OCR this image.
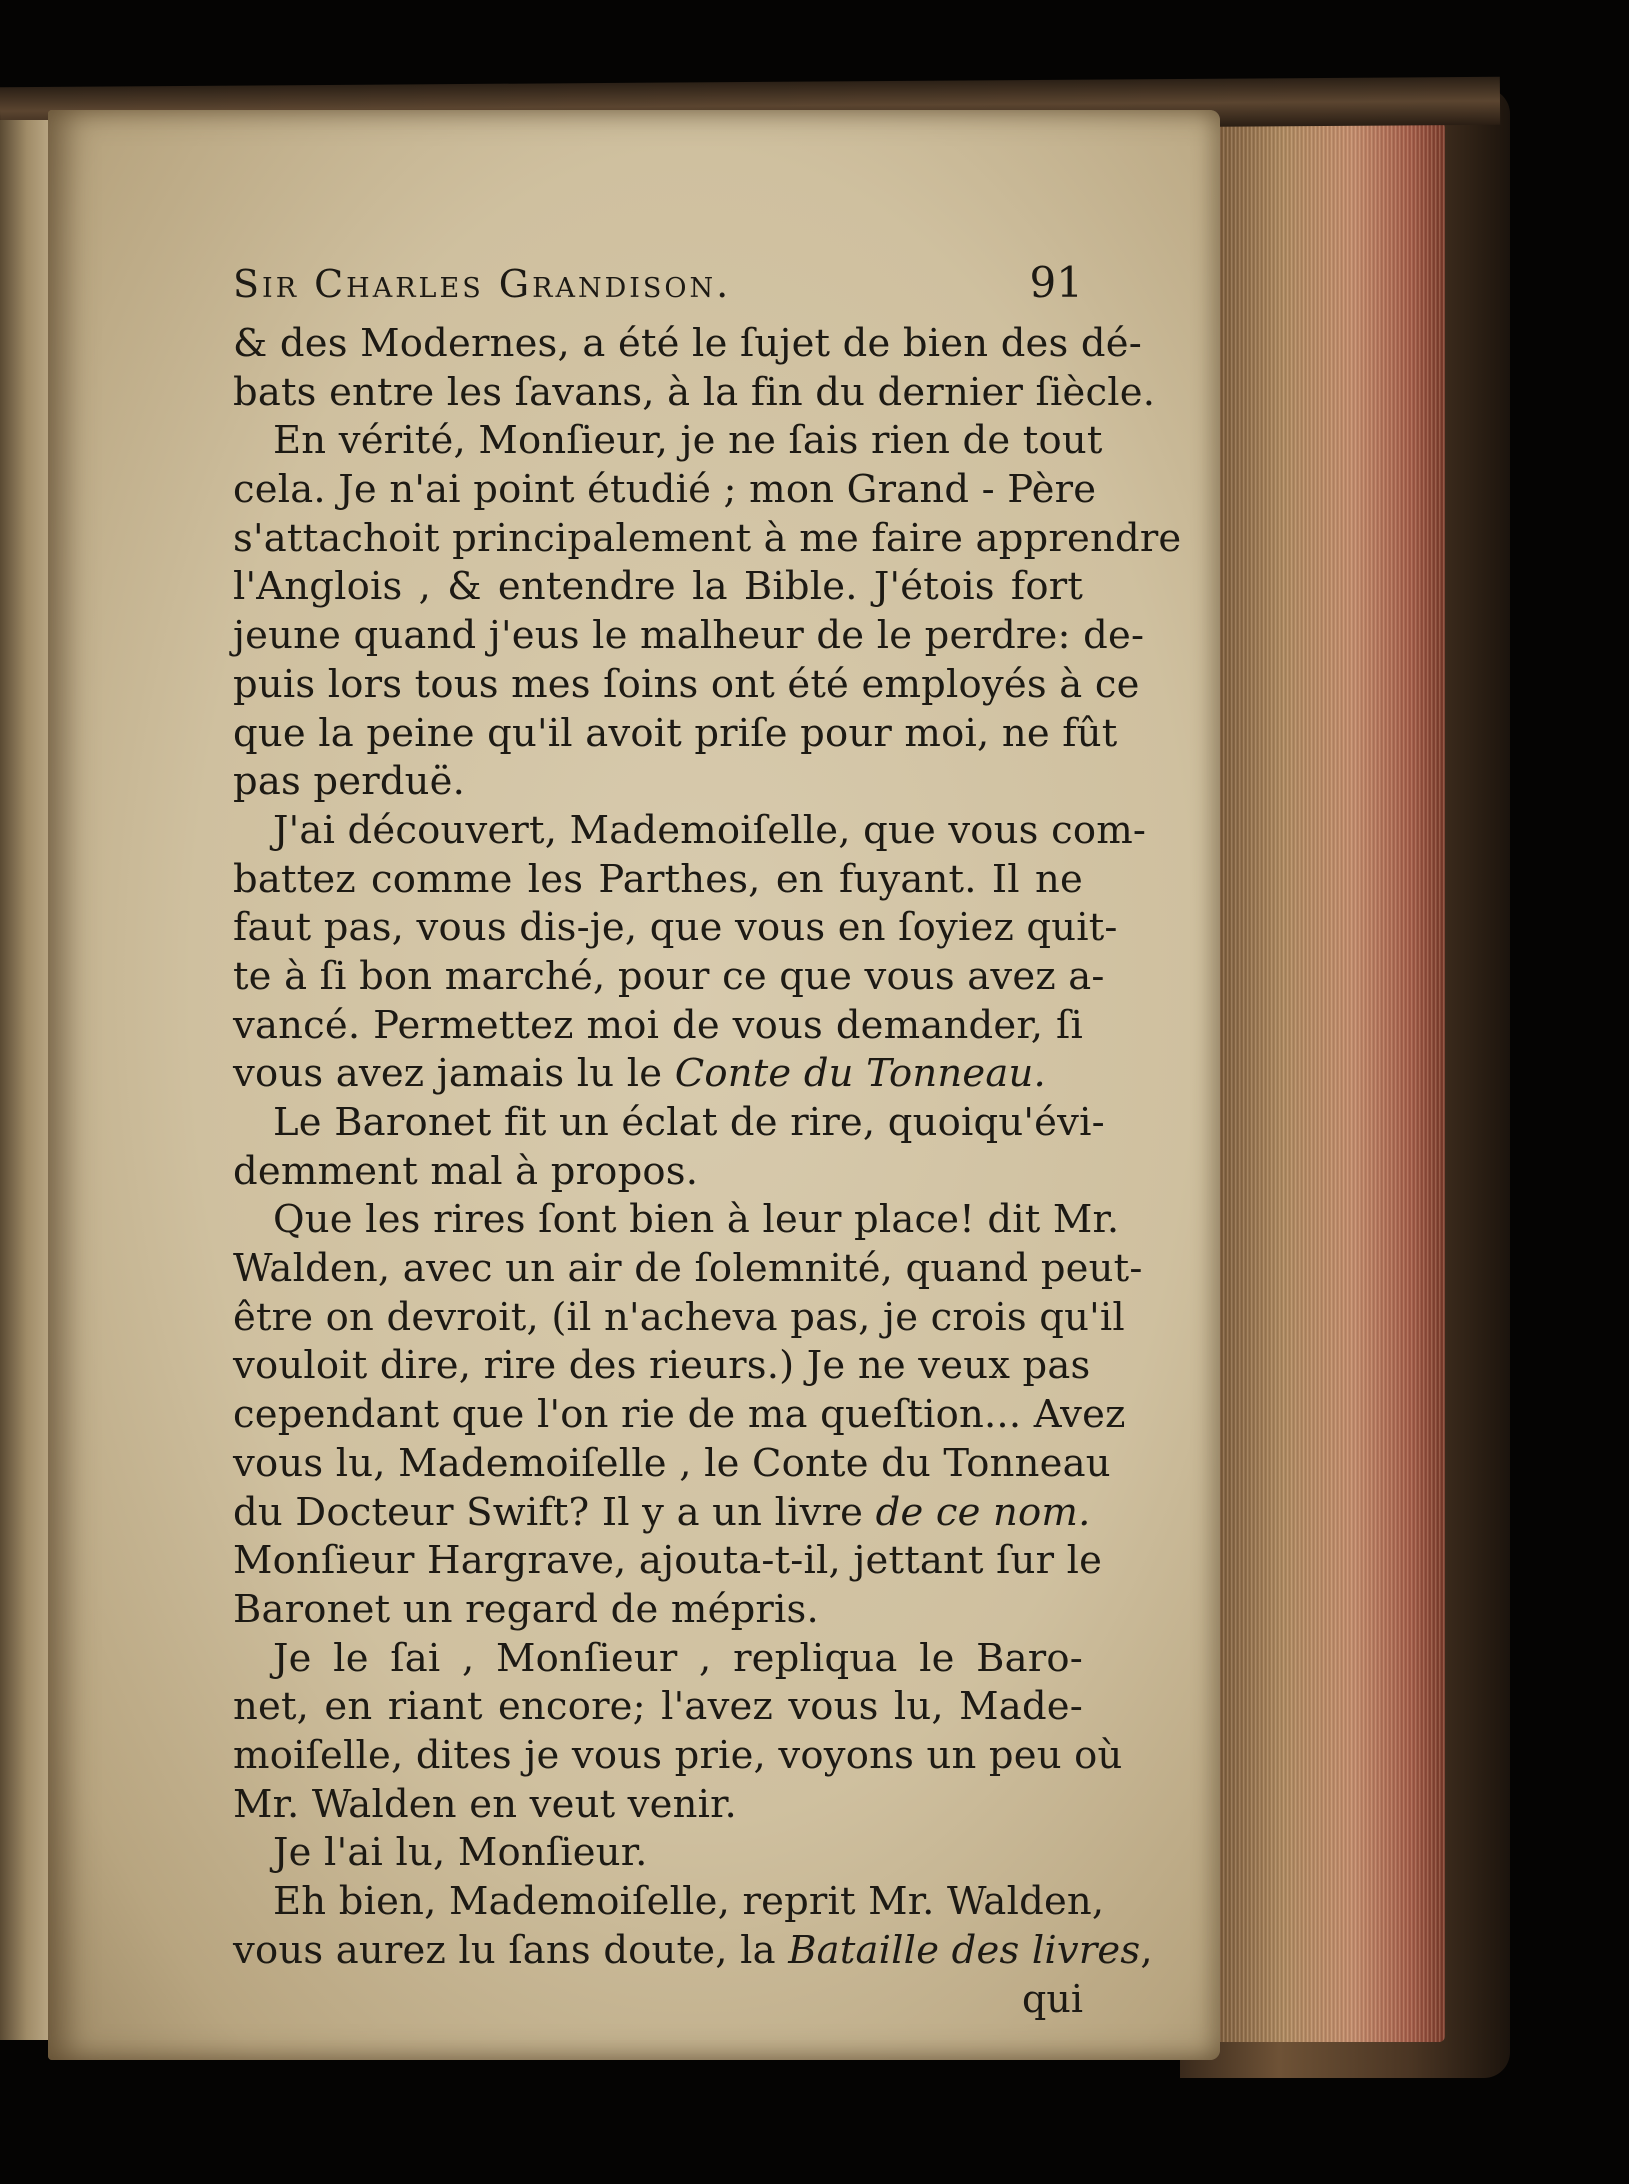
Sir Charles Grandison.	91
& des Modernes, a été le ſujet de bien des dé-
bats entre les ſavans, à la fin du dernier ſiècle.
En vérité, Monſieur, je ne ſais rien de tout
cela. Je n'ai point étudié ; mon Grand - Père
s'attachoit principalement à me faire apprendre
l'Anglois , & entendre la Bible. J'étois fort
jeune quand j'eus le malheur de le perdre: de-
puis lors tous mes ſoins ont été employés à ce
que la peine qu'il avoit priſe pour moi, ne fût
pas perduë.
J'ai découvert, Mademoiſelle, que vous com-
battez comme les Parthes, en fuyant. Il ne
faut pas, vous dis-je, que vous en ſoyiez quit-
te à ſi bon marché, pour ce que vous avez a-
vancé. Permettez moi de vous demander, ſi
vous avez jamais lu le Conte du Tonneau.
Le Baronet fit un éclat de rire, quoiqu'évi-
demment mal à propos.
Que les rires ſont bien à leur place! dit Mr.
Walden, avec un air de ſolemnité, quand peut-
être on devroit, (il n'acheva pas, je crois qu'il
vouloit dire, rire des rieurs.) Je ne veux pas
cependant que l'on rie de ma queſtion... Avez
vous lu, Mademoiſelle , le Conte du Tonneau
du Docteur Swift? Il y a un livre de ce nom.
Monſieur Hargrave, ajouta-t-il, jettant ſur le
Baronet un regard de mépris.
Je le ſai , Monſieur , repliqua le Baro-
net, en riant encore; l'avez vous lu, Made-
moiſelle, dites je vous prie, voyons un peu où
Mr. Walden en veut venir.
Je l'ai lu, Monſieur.
Eh bien, Mademoiſelle, reprit Mr. Walden,
vous aurez lu ſans doute, la Bataille des livres,
qui
